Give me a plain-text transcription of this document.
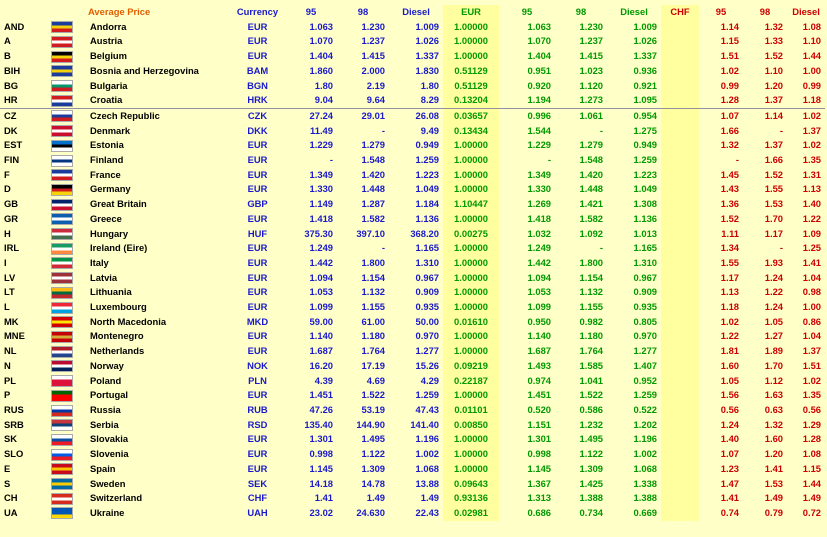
		Average Price	Currency	95	98	Diesel	EUR	95	98	Diesel	CHF	95	98	Diesel
AND		Andorra	EUR	1.063	1.230	1.009	1.00000	1.063	1.230	1.009		1.14	1.32	1.08
A		Austria	EUR	1.070	1.237	1.026	1.00000	1.070	1.237	1.026		1.15	1.33	1.10
B		Belgium	EUR	1.404	1.415	1.337	1.00000	1.404	1.415	1.337		1.51	1.52	1.44
BIH		Bosnia and Herzegovina	BAM	1.860	2.000	1.830	0.51129	0.951	1.023	0.936		1.02	1.10	1.00
BG		Bulgaria	BGN	1.80	2.19	1.80	0.51129	0.920	1.120	0.921		0.99	1.20	0.99
HR		Croatia	HRK	9.04	9.64	8.29	0.13204	1.194	1.273	1.095		1.28	1.37	1.18
CZ		Czech Republic	CZK	27.24	29.01	26.08	0.03657	0.996	1.061	0.954		1.07	1.14	1.02
DK		Denmark	DKK	11.49	-	9.49	0.13434	1.544	-	1.275		1.66	-	1.37
EST		Estonia	EUR	1.229	1.279	0.949	1.00000	1.229	1.279	0.949		1.32	1.37	1.02
FIN		Finland	EUR	-	1.548	1.259	1.00000	-	1.548	1.259		-	1.66	1.35
F		France	EUR	1.349	1.420	1.223	1.00000	1.349	1.420	1.223		1.45	1.52	1.31
D		Germany	EUR	1.330	1.448	1.049	1.00000	1.330	1.448	1.049		1.43	1.55	1.13
GB		Great Britain	GBP	1.149	1.287	1.184	1.10447	1.269	1.421	1.308		1.36	1.53	1.40
GR		Greece	EUR	1.418	1.582	1.136	1.00000	1.418	1.582	1.136		1.52	1.70	1.22
H		Hungary	HUF	375.30	397.10	368.20	0.00275	1.032	1.092	1.013		1.11	1.17	1.09
IRL		Ireland (Eire)	EUR	1.249	-	1.165	1.00000	1.249	-	1.165		1.34	-	1.25
I		Italy	EUR	1.442	1.800	1.310	1.00000	1.442	1.800	1.310		1.55	1.93	1.41
LV		Latvia	EUR	1.094	1.154	0.967	1.00000	1.094	1.154	0.967		1.17	1.24	1.04
LT		Lithuania	EUR	1.053	1.132	0.909	1.00000	1.053	1.132	0.909		1.13	1.22	0.98
L		Luxembourg	EUR	1.099	1.155	0.935	1.00000	1.099	1.155	0.935		1.18	1.24	1.00
MK		North Macedonia	MKD	59.00	61.00	50.00	0.01610	0.950	0.982	0.805		1.02	1.05	0.86
MNE		Montenegro	EUR	1.140	1.180	0.970	1.00000	1.140	1.180	0.970		1.22	1.27	1.04
NL		Netherlands	EUR	1.687	1.764	1.277	1.00000	1.687	1.764	1.277		1.81	1.89	1.37
N		Norway	NOK	16.20	17.19	15.26	0.09219	1.493	1.585	1.407		1.60	1.70	1.51
PL		Poland	PLN	4.39	4.69	4.29	0.22187	0.974	1.041	0.952		1.05	1.12	1.02
P		Portugal	EUR	1.451	1.522	1.259	1.00000	1.451	1.522	1.259		1.56	1.63	1.35
RUS		Russia	RUB	47.26	53.19	47.43	0.01101	0.520	0.586	0.522		0.56	0.63	0.56
SRB		Serbia	RSD	135.40	144.90	141.40	0.00850	1.151	1.232	1.202		1.24	1.32	1.29
SK		Slovakia	EUR	1.301	1.495	1.196	1.00000	1.301	1.495	1.196		1.40	1.60	1.28
SLO		Slovenia	EUR	0.998	1.122	1.002	1.00000	0.998	1.122	1.002		1.07	1.20	1.08
E		Spain	EUR	1.145	1.309	1.068	1.00000	1.145	1.309	1.068		1.23	1.41	1.15
S		Sweden	SEK	14.18	14.78	13.88	0.09643	1.367	1.425	1.338		1.47	1.53	1.44
CH		Switzerland	CHF	1.41	1.49	1.49	0.93136	1.313	1.388	1.388		1.41	1.49	1.49
UA		Ukraine	UAH	23.02	24.630	22.43	0.02981	0.686	0.734	0.669		0.74	0.79	0.72
